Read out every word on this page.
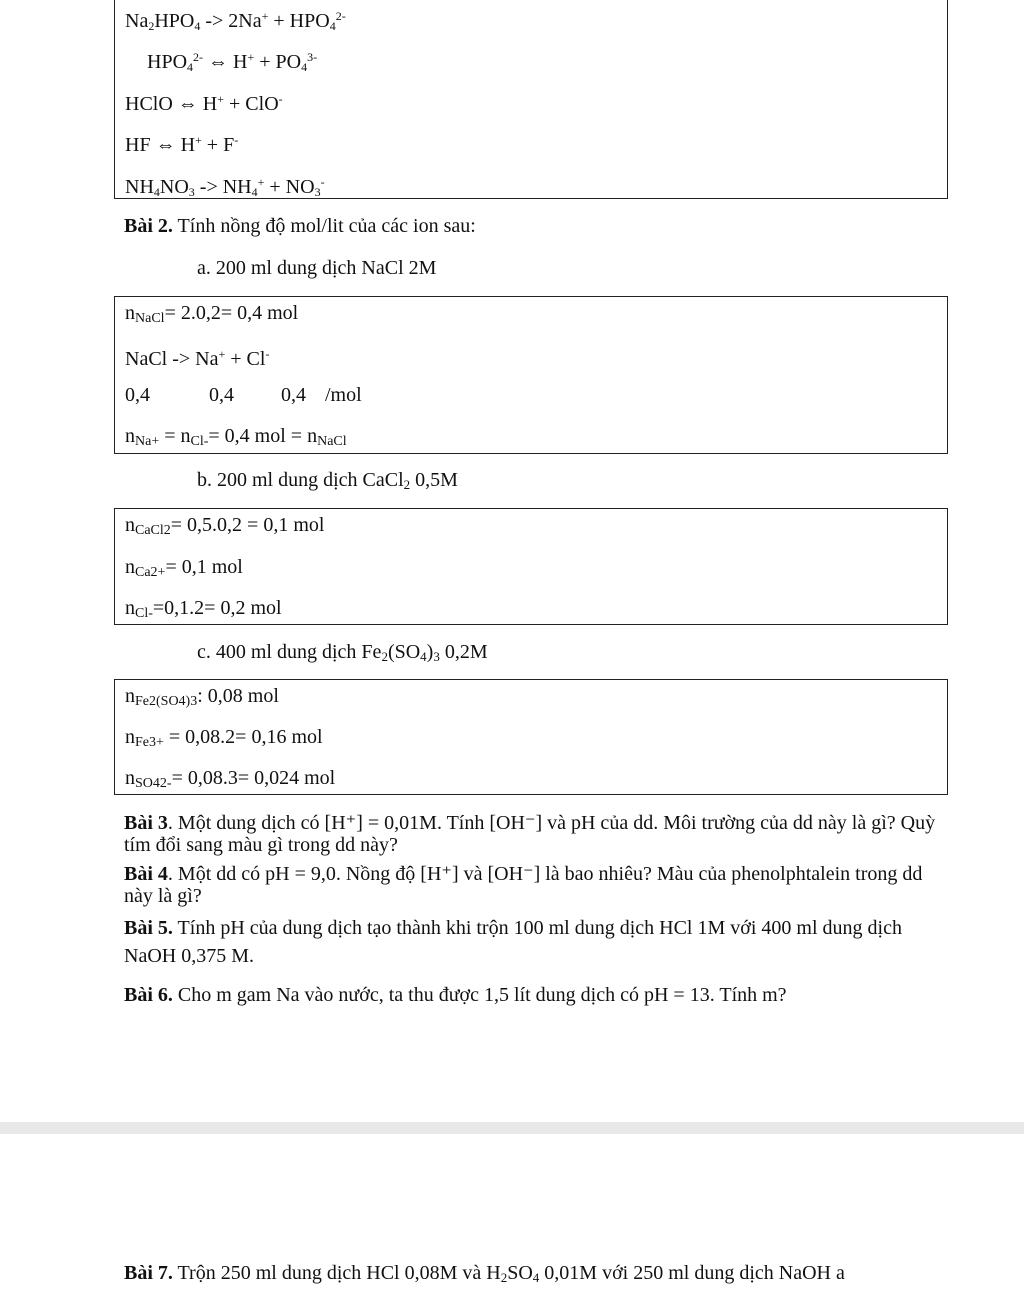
$Na_2HPO_4 -> 2Na^+ + HPO_4^{2-}$
$HPO_4^{2-}$ ⇔ $H^+ + PO_4^{3-}$
HClO ⇔ H+ + ClO-
HF ⇔ H+ + F-
$NH_4NO_3 -> NH_4^+ + NO_3^-$
Bài 2. Tính nồng độ mol/lit của các ion sau:
a. 200 ml dung dịch NaCl 2M
nNaCl= 2.0,2= 0,4 mol
NaCl -> Na+ + Cl-
0,4	0,4 0,4 /mol
nNa+ = nCl-= 0,4 mol = nNaCl
b. 200 ml dung dịch CaCl$_2$ 0,5M
nCaCl2= 0,5.0,2 = 0,1 mol
nCa2+= 0,1 mol
nCl-=0,1.2= 0,2 mol
c. 400 ml dung dịch $Fe_2(SO_4)_3$ 0,2M
nFe2(SO4)3: 0,08 mol
nFe3+ = 0,08.2= 0,16 mol
nSO42-= 0,08.3= 0,024 mol
Bài 3. Một dung dịch có [H⁺] = 0,01M. Tính [OH⁻] và pH của dd. Môi trường của dd này là gì? Quỳ tím đổi sang màu gì trong dd này?
Bài 4. Một dd có pH = 9,0. Nồng độ [H⁺] và [OH⁻] là bao nhiêu? Màu của phenolphtalein trong dd này là gì?
Bài 5. Tính pH của dung dịch tạo thành khi trộn 100 ml dung dịch HCl 1M với 400 ml dung dịch NaOH 0,375 M.
Bài 6. Cho m gam Na vào nước, ta thu được 1,5 lít dung dịch có pH = 13. Tính m?
Bài 7. Trộn 250 ml dung dịch HCl 0,08M và $H_2SO_4$ 0,01M với 250 ml dung dịch NaOH a
